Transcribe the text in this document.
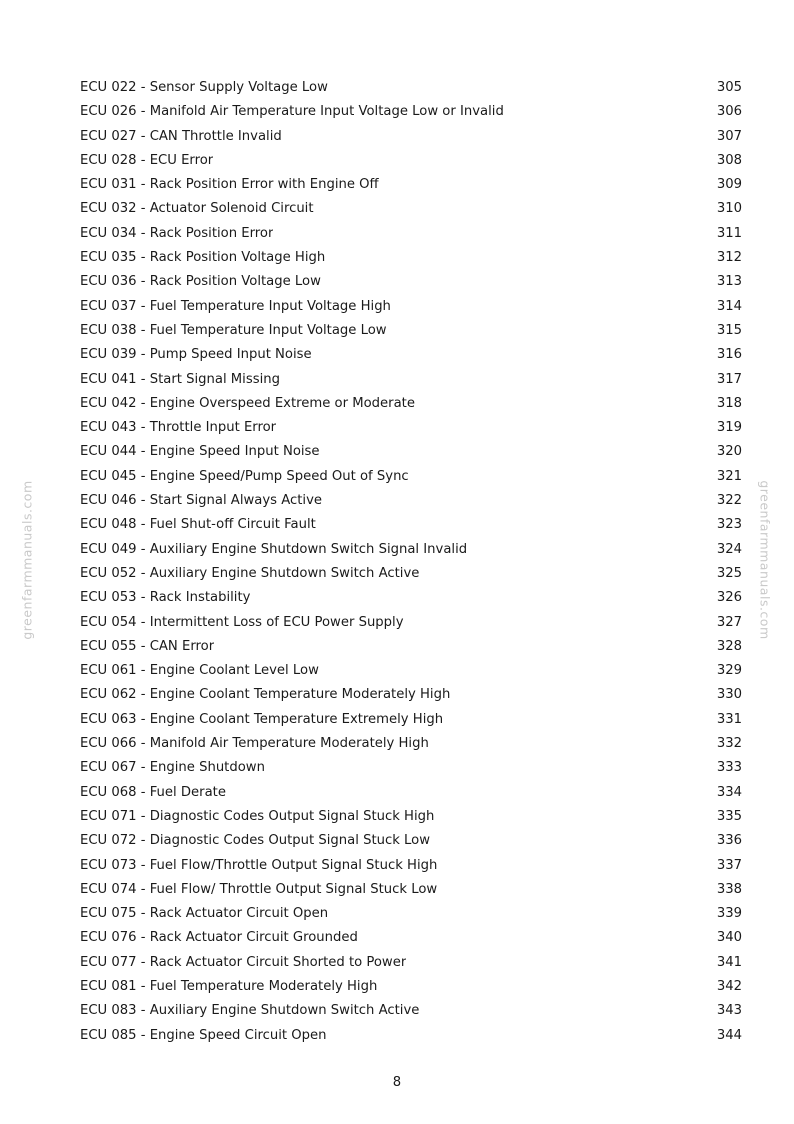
ECU 022 - Sensor Supply Voltage Low	305
ECU 026 - Manifold Air Temperature Input Voltage Low or Invalid	306
ECU 027 - CAN Throttle Invalid	307
ECU 028 - ECU Error	308
ECU 031 - Rack Position Error with Engine Off	309
ECU 032 - Actuator Solenoid Circuit	310
ECU 034 - Rack Position Error	311
ECU 035 - Rack Position Voltage High	312
ECU 036 - Rack Position Voltage Low	313
ECU 037 - Fuel Temperature Input Voltage High	314
ECU 038 - Fuel Temperature Input Voltage Low	315
ECU 039 - Pump Speed Input Noise	316
ECU 041 - Start Signal Missing	317
ECU 042 - Engine Overspeed Extreme or Moderate	318
ECU 043 - Throttle Input Error	319
ECU 044 - Engine Speed Input Noise	320
ECU 045 - Engine Speed/Pump Speed Out of Sync	321
ECU 046 - Start Signal Always Active	322
ECU 048 - Fuel Shut-off Circuit Fault	323
ECU 049 - Auxiliary Engine Shutdown Switch Signal Invalid	324
ECU 052 - Auxiliary Engine Shutdown Switch Active	325
ECU 053 - Rack Instability	326
ECU 054 - Intermittent Loss of ECU Power Supply	327
ECU 055 - CAN Error	328
ECU 061 - Engine Coolant Level Low	329
ECU 062 - Engine Coolant Temperature Moderately High	330
ECU 063 - Engine Coolant Temperature Extremely High	331
ECU 066 - Manifold Air Temperature Moderately High	332
ECU 067 - Engine Shutdown	333
ECU 068 - Fuel Derate	334
ECU 071 - Diagnostic Codes Output Signal Stuck High	335
ECU 072 - Diagnostic Codes Output Signal Stuck Low	336
ECU 073 - Fuel Flow/Throttle Output Signal Stuck High	337
ECU 074 - Fuel Flow/ Throttle Output Signal Stuck Low	338
ECU 075 - Rack Actuator Circuit Open	339
ECU 076 - Rack Actuator Circuit Grounded	340
ECU 077 - Rack Actuator Circuit Shorted to Power	341
ECU 081 - Fuel Temperature Moderately High	342
ECU 083 - Auxiliary Engine Shutdown Switch Active	343
ECU 085 - Engine Speed Circuit Open	344
greenfarmmanuals.com	greenfarmmanuals.com
8
